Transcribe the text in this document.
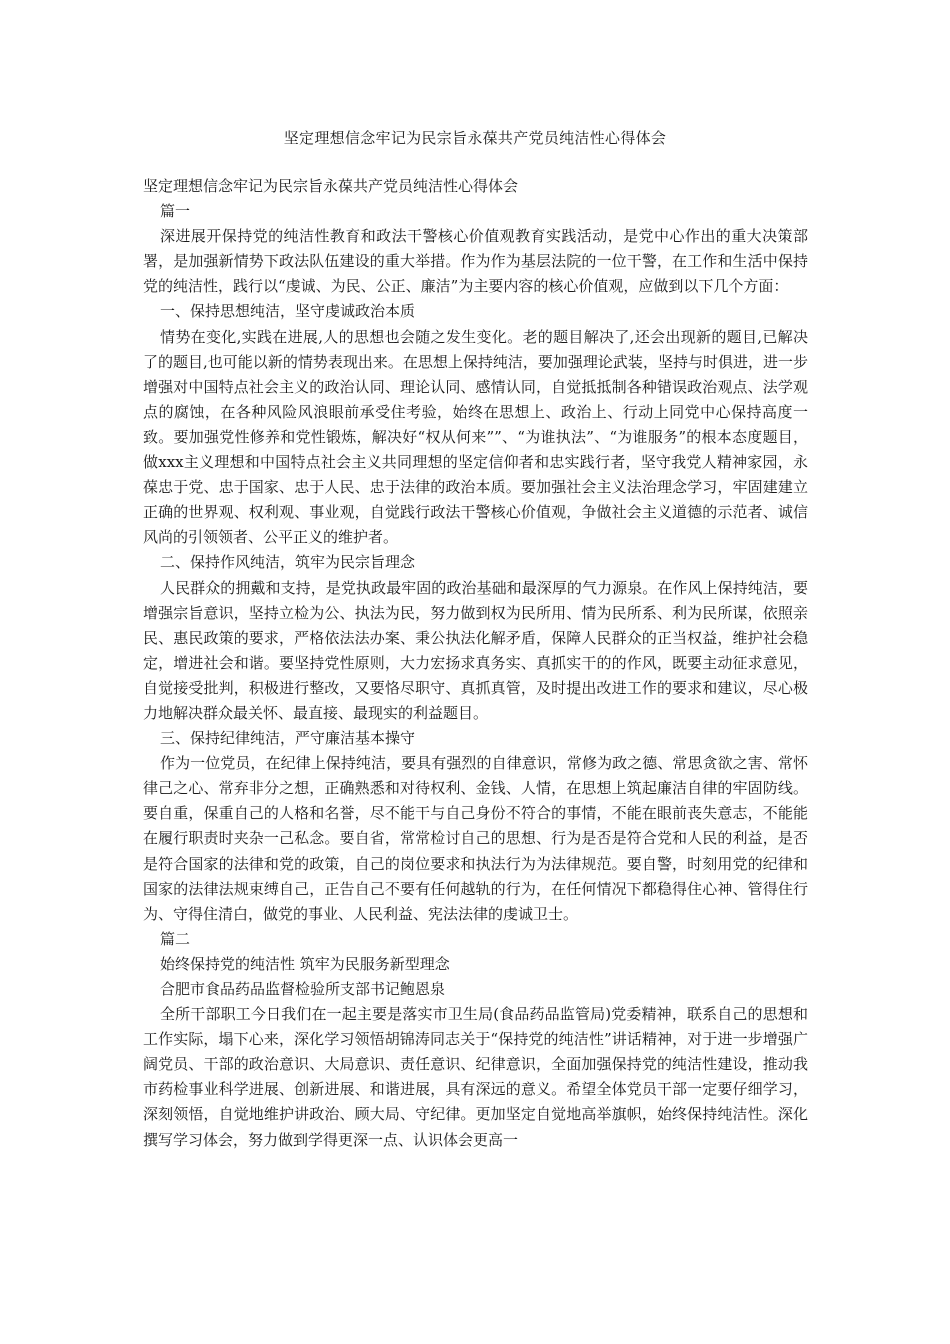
坚定理想信念牢记为民宗旨永葆共产党员纯洁性心得体会

坚定理想信念牢记为民宗旨永葆共产党员纯洁性心得体会

篇一

深进展开保持党的纯洁性教育和政法干警核心价值观教育实践活动，是党中心作出的重大决策部署，是加强新情势下政法队伍建设的重大举措。作为作为基层法院的一位干警，在工作和生活中保持党的纯洁性，践行以“虔诚、为民、公正、廉洁”为主要内容的核心价值观，应做到以下几个方面：

一、保持思想纯洁，坚守虔诚政治本质

情势在变化,实践在进展,人的思想也会随之发生变化。老的题目解决了,还会出现新的题目,已解决了的题目,也可能以新的情势表现出来。在思想上保持纯洁，要加强理论武装，坚持与时俱进，进一步增强对中国特点社会主义的政治认同、理论认同、感情认同，自觉抵抵制各种错误政治观点、法学观点的腐蚀，在各种风险风浪眼前承受住考验，始终在思想上、政治上、行动上同党中心保持高度一致。要加强党性修养和党性锻炼，解决好“权从何来””、“为谁执法”、“为谁服务”的根本态度题目，做xxx主义理想和中国特点社会主义共同理想的坚定信仰者和忠实践行者，坚守我党人精神家园，永葆忠于党、忠于国家、忠于人民、忠于法律的政治本质。要加强社会主义法治理念学习，牢固建建立正确的世界观、权利观、事业观，自觉践行政法干警核心价值观，争做社会主义道德的示范者、诚信风尚的引领领者、公平正义的维护者。

二、保持作风纯洁，筑牢为民宗旨理念

人民群众的拥戴和支持，是党执政最牢固的政治基础和最深厚的气力源泉。在作风上保持纯洁，要增强宗旨意识，坚持立检为公、执法为民，努力做到权为民所用、情为民所系、利为民所谋，依照亲民、惠民政策的要求，严格依法法办案、秉公执法化解矛盾，保障人民群众的正当权益，维护社会稳定，增进社会和谐。要坚持党性原则，大力宏扬求真务实、真抓实干的的作风，既要主动征求意见，自觉接受批判，积极进行整改，又要恪尽职守、真抓真管，及时提出改进工作的要求和建议，尽心极力地解决群众最关怀、最直接、最现实的利益题目。

三、保持纪律纯洁，严守廉洁基本操守

作为一位党员，在纪律上保持纯洁，要具有强烈的自律意识，常修为政之德、常思贪欲之害、常怀律己之心、常弃非分之想，正确熟悉和对待权利、金钱、人情，在思想上筑起廉洁自律的牢固防线。要自重，保重自己的人格和名誉，尽不能干与自己身份不符合的事情，不能在眼前丧失意志，不能能在履行职责时夹杂一己私念。要自省，常常检讨自己的思想、行为是否是符合党和人民的利益，是否是符合国家的法律和党的政策，自己的岗位要求和执法行为为法律规范。要自警，时刻用党的纪律和国家的法律法规束缚自己，正告自己不要有任何越轨的行为，在任何情况下都稳得住心神、管得住行为、守得住清白，做党的事业、人民利益、宪法法律的虔诚卫士。

篇二

始终保持党的纯洁性 筑牢为民服务新型理念

合肥市食品药品监督检验所支部书记鲍恩泉

全所干部职工今日我们在一起主要是落实市卫生局(食品药品监管局)党委精神，联系自己的思想和工作实际，塌下心来，深化学习领悟胡锦涛同志关于“保持党的纯洁性”讲话精神，对于进一步增强广阔党员、干部的政治意识、大局意识、责任意识、纪律意识，全面加强保持党的纯洁性建设，推动我市药检事业科学进展、创新进展、和谐进展，具有深远的意义。希望全体党员干部一定要仔细学习，深刻领悟，自觉地维护讲政治、顾大局、守纪律。更加坚定自觉地高举旗帜，始终保持纯洁性。深化撰写学习体会，努力做到学得更深一点、认识体会更高一
